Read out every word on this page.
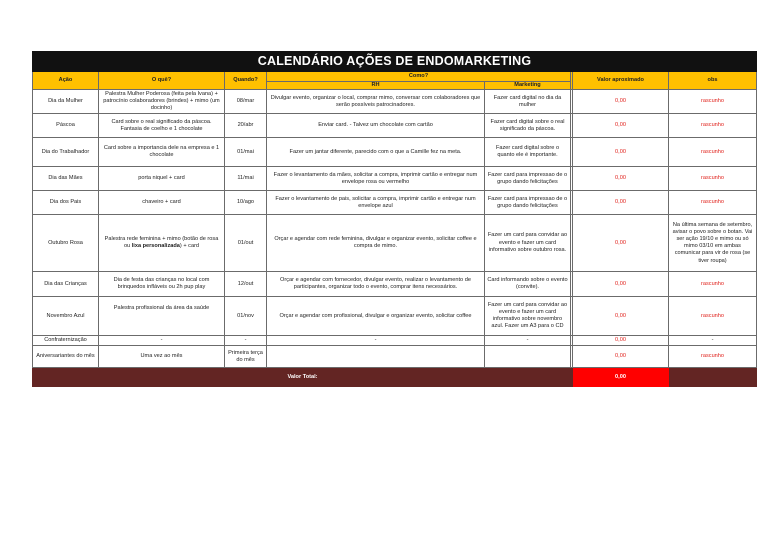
CALENDÁRIO AÇÕES DE ENDOMARKETING							
Ação	O quê?	Quando?	Como?			Valor aproximado	obs
			RH	Marketing			
Dia da Mulher	Palestra Mulher Poderosa (feita pela Ivana) + patrocínio colaboradores (brindes) + mimo (um docinho)	08/mar	Divulgar evento, organizar o local, comprar mimo, conversar com colaboradores que serão possíveis patrocinadores.	Fazer card digital no dia da mulher		0,00	rascunho
Páscoa	Card sobre o real significado da páscoa. Fantasia de coelho e 1 chocolate	20/abr	Enviar card. - Talvez um chocolate com cartão	Fazer card digital sobre o real significado da páscoa.		0,00	rascunho
Dia do Trabalhador	Card sobre a importancia dele na empresa e 1 chocolate	01/mai	Fazer um jantar diferente, parecido com o que a Camille fez na meta.	Fazer card digital sobre o quanto ele é importante.		0,00	rascunho
Dia das Mães	porta niquel + card	11/mai	Fazer o levantamento da mães, solicitar a compra, imprimir cartão e entregar num envelope rosa ou vermelho	Fazer card para impressao de o grupo dando felicitações		0,00	rascunho
Dia dos Pais	chaveiro + card	10/ago	Fazer o levantamento de pais, solicitar a compra, imprimir cartão e entregar num envelope azul	Fazer card para impressao de o grupo dando felicitações		0,00	rascunho
Outubro Rosa	Palestra rede feminina + mimo (botão de rosa ou lixa personalizada) + card	01/out	Orçar e agendar com rede feminina, divulgar e organizar evento, solicitar coffee e compra de mimo.	Fazer um card para convidar ao evento e fazer um card informativo sobre outubro rosa.		0,00	Na última semana de setembro, avisar o povo sobre o botan. Vai ser ação 19/10 e mimo ou só mimo 03/10 em ambas comunicar para vir de rosa (se tiver roupa)
Dia das Crianças	Dia de festa das crianças no local com brinquedos infláveis ou 2h pup play	12/out	Orçar e agendar com fornecedor, divulgar evento, realizar o levantamento de participantes, organizar todo o evento, comprar itens necessários.	Card informando sobre o evento (convite).		0,00	rascunho
Novembro Azul	Palestra profissional da área da saúde	01/nov	Orçar e agendar com profissional, divulgar e organizar evento, solicitar coffee	Fazer um card para convidar ao evento e fazer um card informativo sobre novembro azul. Fazer um A3 para o CD		0,00	rascunho
Confraternização	-	-	-	-		0,00	-
Aniversariantes do mês	Uma vez ao mês	Primeira terça do mês				0,00	rascunho
Valor Total:						0,00	
